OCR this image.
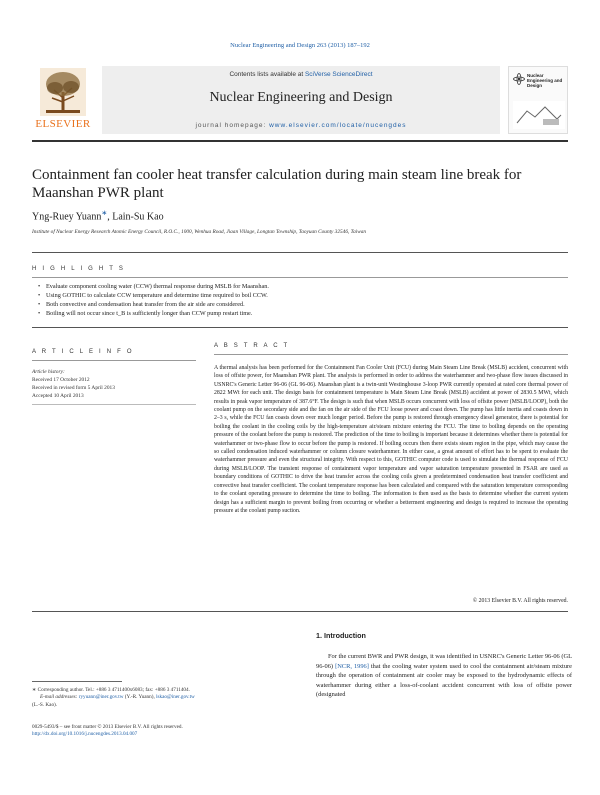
Nuclear Engineering and Design 263 (2013) 187–192
ELSEVIER
Contents lists available at SciVerse ScienceDirect
Nuclear Engineering and Design
journal homepage: www.elsevier.com/locate/nucengdes
Nuclear Engineering and Design
Containment fan cooler heat transfer calculation during main steam line break for Maanshan PWR plant
Yng-Ruey Yuann∗, Lain-Su Kao
Institute of Nuclear Energy Research Atomic Energy Council, R.O.C., 1000, Wenhua Road, Jiaan Village, Longtan Township, Taoyuan County 32546, Taiwan
H I G H L I G H T S
• Evaluate component cooling water (CCW) thermal response during MSLB for Maanshan.
• Using GOTHIC to calculate CCW temperature and determine time required to boil CCW.
• Both convective and condensation heat transfer from the air side are considered.
• Boiling will not occur since t_B is sufficiently longer than CCW pump restart time.
A R T I C L E I N F O
Article history:
Received 17 October 2012
Received in revised form 5 April 2013
Accepted 10 April 2013
A B S T R A C T
A thermal analysis has been performed for the Containment Fan Cooler Unit (FCU) during Main Steam Line Break (MSLB) accident, concurrent with loss of offsite power, for Maanshan PWR plant. The analysis is performed in order to address the waterhammer and two-phase flow issues discussed in USNRC's Generic Letter 96-06 (GL 96-06). Maanshan plant is a twin-unit Westinghouse 3-loop PWR currently operated at rated core thermal power of 2822 MWt for each unit. The design basis for containment temperature is Main Steam Line Break (MSLB) accident at power of 2830.5 MWt, which results in peak vapor temperature of 387.6°F. The design is such that when MSLB occurs concurrent with loss of offsite power (MSLB/LOOP), both the coolant pump on the secondary side and the fan on the air side of the FCU loose power and coast down. The pump has little inertia and coasts down in 2–3 s, while the FCU fan coasts down over much longer period. Before the pump is restored through emergency diesel generator, there is potential for boiling the coolant in the cooling coils by the high-temperature air/steam mixture entering the FCU. The time to boiling depends on the operating pressure of the coolant before the pump is restored. The prediction of the time to boiling is important because it determines whether there is potential for waterhammer or two-phase flow to occur before the pump is restored. If boiling occurs then there exists steam region in the pipe, which may cause the so called condensation induced waterhammer or column closure waterhammer. In either case, a great amount of effort has to be spent to evaluate the waterhammer pressure and even the structural integrity. With respect to this, GOTHIC computer code is used to simulate the thermal response of FCU during MSLB/LOOP. The transient response of containment vapor temperature and vapor saturation temperature presented in FSAR are used as boundary conditions of GOTHIC to drive the heat transfer across the cooling coils given a predetermined condensation heat transfer coefficient and convective heat transfer coefficient. The coolant temperature response has been calculated and compared with the saturation temperature corresponding to the coolant operating pressure to determine the time to boiling. The information is then used as the basis to determine whether the current system design has a sufficient margin to prevent boiling from occurring or whether a betterment engineering and design is required to increase the operating pressure at the coolant pump suction.
© 2013 Elsevier B.V. All rights reserved.
1. Introduction
For the current BWR and PWR design, it was identified in USNRC's Generic Letter 96-06 (GL 96-06) [NCR, 1996] that the cooling water system used to cool the containment air/steam mixture through the operation of containment air cooler may be exposed to the hydrodynamic effects of waterhammer during either a loss-of-coolant accident concurrent with loss of offsite power (designated
∗ Corresponding author. Tel.: +886 3 4711400x6083; fax: +886 3 4711404.
E-mail addresses: ryyuann@iner.gov.tw (Y.-R. Yuann), lskao@iner.gov.tw
(L.-S. Kao).
0029-5493/$ – see front matter © 2013 Elsevier B.V. All rights reserved.
http://dx.doi.org/10.1016/j.nucengdes.2013.04.007
